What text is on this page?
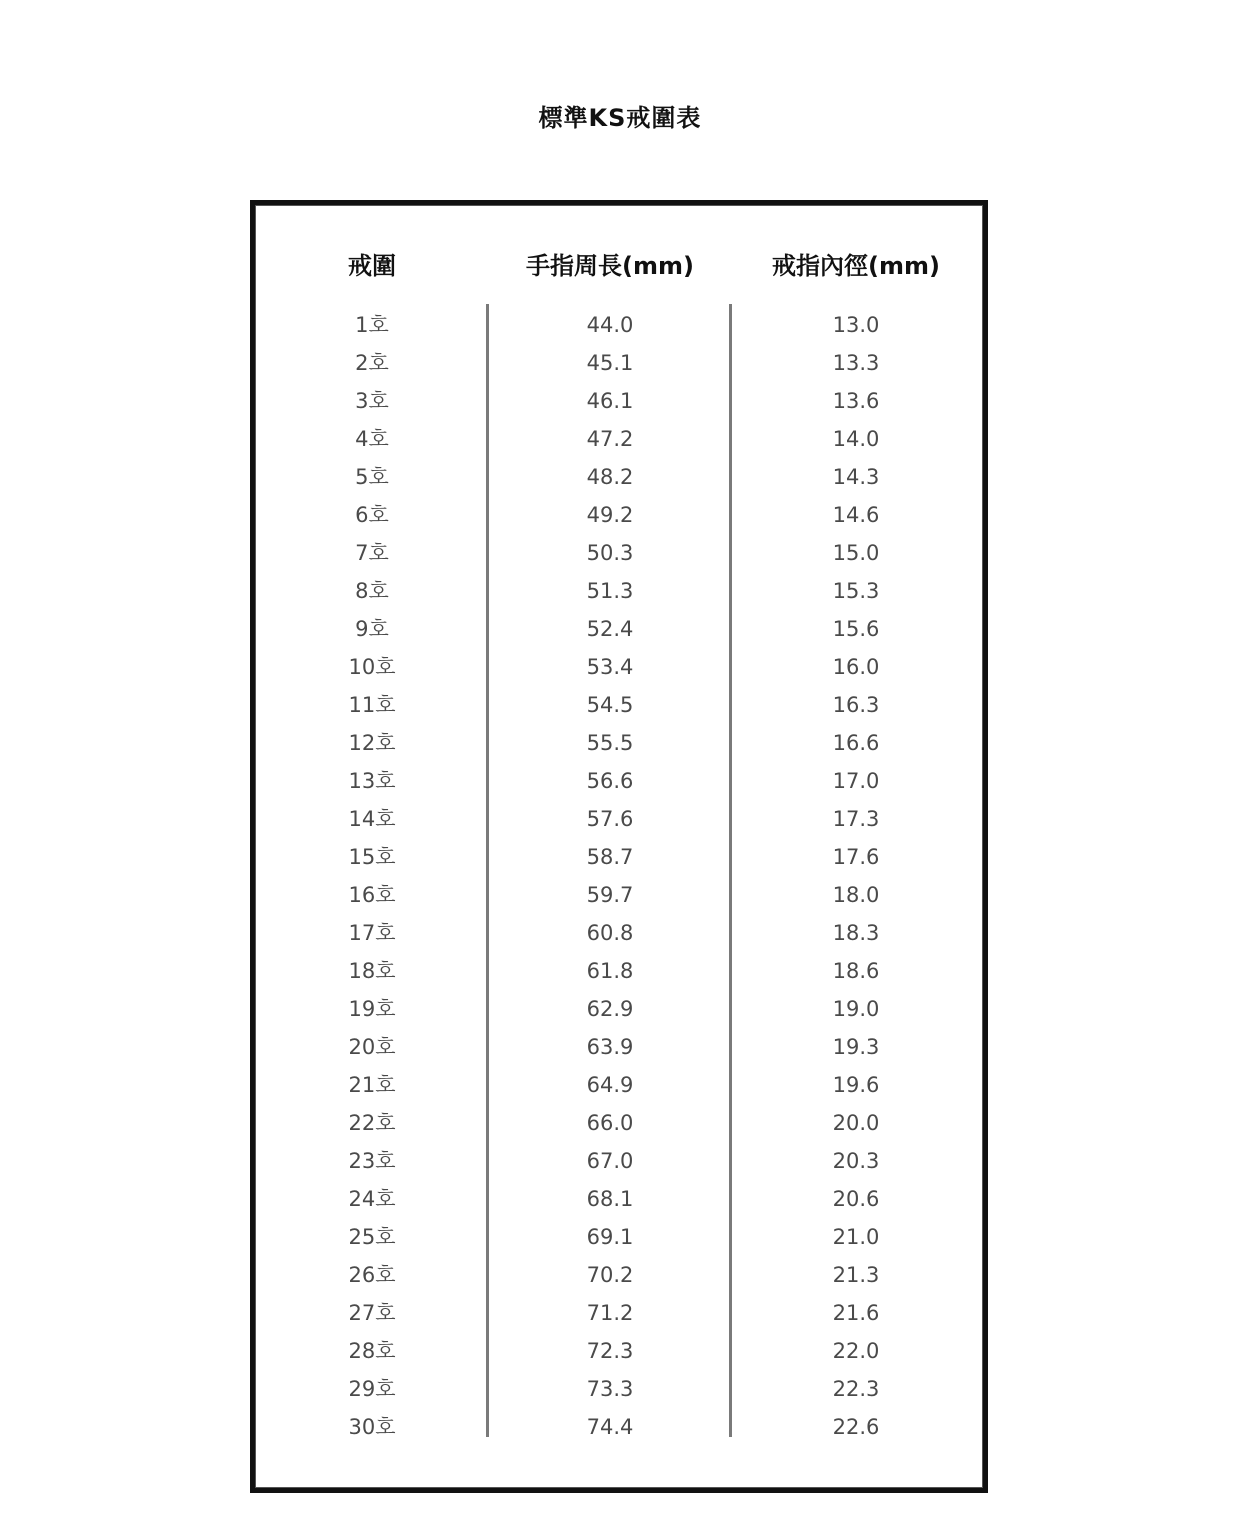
標準KS戒圍表
戒圍	手指周長(mm)	戒指內徑(mm)
1호
2호
3호
4호
5호
6호
7호
8호
9호
10호
11호
12호
13호
14호
15호
16호
17호
18호
19호
20호
21호
22호
23호
24호
25호
26호
27호
28호
29호
30호
44.0
45.1
46.1
47.2
48.2
49.2
50.3
51.3
52.4
53.4
54.5
55.5
56.6
57.6
58.7
59.7
60.8
61.8
62.9
63.9
64.9
66.0
67.0
68.1
69.1
70.2
71.2
72.3
73.3
74.4
13.0
13.3
13.6
14.0
14.3
14.6
15.0
15.3
15.6
16.0
16.3
16.6
17.0
17.3
17.6
18.0
18.3
18.6
19.0
19.3
19.6
20.0
20.3
20.6
21.0
21.3
21.6
22.0
22.3
22.6
